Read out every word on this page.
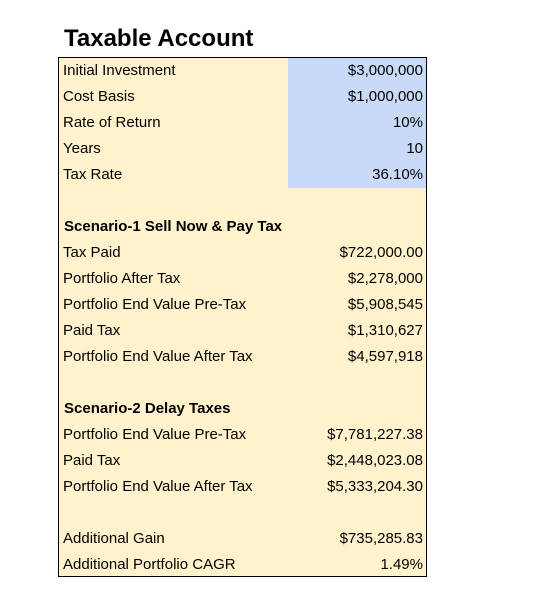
Taxable Account
Initial Investment	$3,000,000
Cost Basis	$1,000,000
Rate of Return	10%
Years	10
Tax Rate	36.10%
Scenario-1 Sell Now & Pay Tax
Tax Paid	$722,000.00
Portfolio After Tax	$2,278,000
Portfolio End Value Pre-Tax	$5,908,545
Paid Tax	$1,310,627
Portfolio End Value After Tax	$4,597,918
Scenario-2 Delay Taxes
Portfolio End Value Pre-Tax	$7,781,227.38
Paid Tax	$2,448,023.08
Portfolio End Value After Tax	$5,333,204.30
Additional Gain	$735,285.83
Additional Portfolio CAGR	1.49%
